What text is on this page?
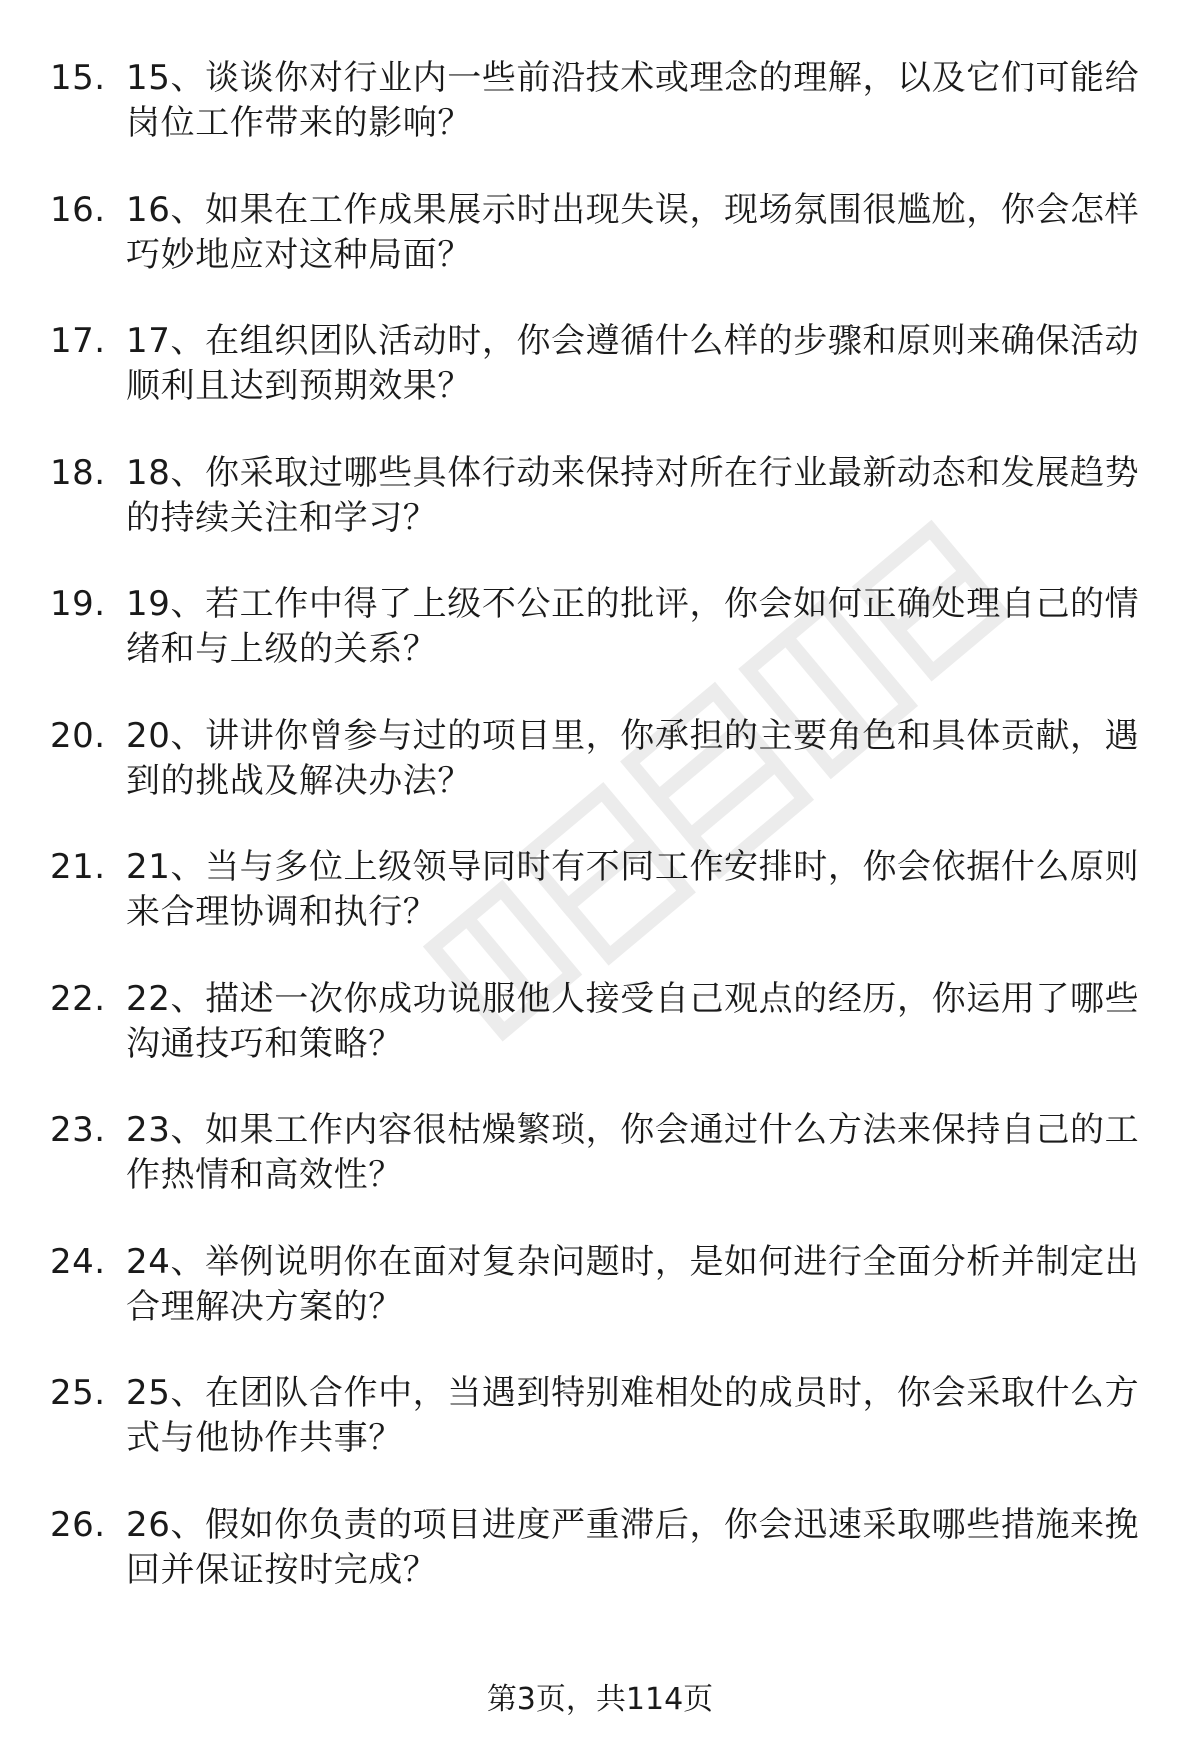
15. 15、谈谈你对行业内一些前沿技术或理念的理解，以及它们可能给岗位工作带来的影响？
16. 16、如果在工作成果展示时出现失误，现场氛围很尴尬，你会怎样巧妙地应对这种局面？
17. 17、在组织团队活动时，你会遵循什么样的步骤和原则来确保活动顺利且达到预期效果？
18. 18、你采取过哪些具体行动来保持对所在行业最新动态和发展趋势的持续关注和学习？
19. 19、若工作中得了上级不公正的批评，你会如何正确处理自己的情绪和与上级的关系？
20. 20、讲讲你曾参与过的项目里，你承担的主要角色和具体贡献，遇到的挑战及解决办法？
21. 21、当与多位上级领导同时有不同工作安排时，你会依据什么原则来合理协调和执行？
22. 22、描述一次你成功说服他人接受自己观点的经历，你运用了哪些沟通技巧和策略？
23. 23、如果工作内容很枯燥繁琐，你会通过什么方法来保持自己的工作热情和高效性？
24. 24、举例说明你在面对复杂问题时，是如何进行全面分析并制定出合理解决方案的？
25. 25、在团队合作中，当遇到特别难相处的成员时，你会采取什么方式与他协作共事？
26. 26、假如你负责的项目进度严重滞后，你会迅速采取哪些措施来挽回并保证按时完成？
第3页，共114页
